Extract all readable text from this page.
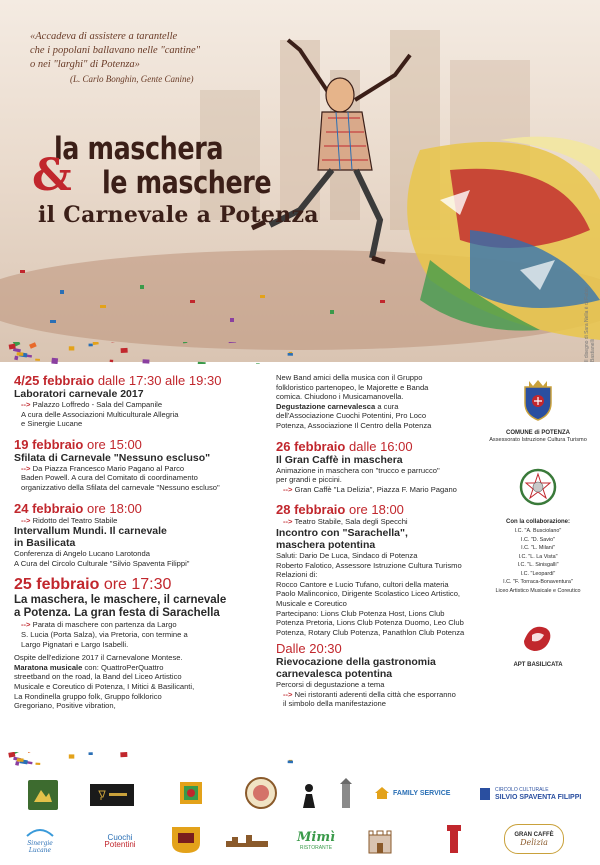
«Accadeva di assistere a tarantelle
che i popolani ballavano nelle "cantine"
o nei "larghi" di Potenza»
(L. Carlo Bonghin, Gente Canine)
la maschera
& le maschere
il Carnevale a Potenza
Il disegno di Sara Nella è di Fabio Bastianelli
4/25 febbraio dalle 17:30 alle 19:30
Laboratori carnevale 2017
--> Palazzo Loffredo - Sala del Campanile
A cura delle Associazioni Multiculturale Allegria
e Sinergie Lucane
19 febbraio ore 15:00
Sfilata di Carnevale "Nessuno escluso"
--> Da Piazza Francesco Mario Pagano al Parco
Baden Powell. A cura del Comitato di coordinamento
organizzativo della Sfilata del carnevale "Nessuno escluso"
24 febbraio ore 18:00
--> Ridotto del Teatro Stabile
Intervallum Mundi. Il carnevale
in Basilicata
Conferenza di Angelo Lucano Larotonda
A Cura del Circolo Culturale "Silvio Spaventa Filippi"
25 febbraio ore 17:30
La maschera, le maschere, il carnevale
a Potenza. La gran festa di Sarachella
--> Parata di maschere con partenza da Largo
S. Lucia (Porta Salza), via Pretoria, con termine a
Largo Pignatari e Largo Isabelli.
Ospite dell'edizione 2017 il Carnevalone Montese.
Maratona musicale con: QuattroPerQuattro
streetband on the road, la Band del Liceo Artistico
Musicale e Coreutico di Potenza, I Mitici & Basilicanti,
La Rondinella gruppo folk, Gruppo folklorico
Gregoriano, Positive vibration,
New Band amici della musica con il Gruppo
folkloristico partenopeo, le Majorette e Banda
comica. Chiudono i Musicamanovella.
Degustazione carnevalesca a cura
dell'Associazione Cuochi Potentini, Pro Loco
Potenza, Associazione Il Centro della Potenza
26 febbraio dalle 16:00
Il Gran Caffè in maschera
Animazione in maschera con "trucco e parrucco"
per grandi e piccini.
--> Gran Caffè "La Delizia", Piazza F. Mario Pagano
28 febbraio ore 18:00
--> Teatro Stabile, Sala degli Specchi
Incontro con "Sarachella",
maschera potentina
Saluti: Dario De Luca, Sindaco di Potenza
Roberto Falotico, Assessore Istruzione Cultura Turismo
Relazioni di:
Rocco Cantore e Lucio Tufano, cultori della materia
Paolo Malinconico, Dirigente Scolastico Liceo Artistico,
Musicale e Coreutico
Partecipano: Lions Club Potenza Host, Lions Club
Potenza Pretoria, Lions Club Potenza Duomo, Leo Club
Potenza, Rotary Club Potenza, Panathlon Club Potenza
Dalle 20:30
Rievocazione della gastronomia
carnevalesca potentina
Percorsi di degustazione a tema
--> Nei ristoranti aderenti della città che esporranno
il simbolo della manifestazione
COMUNE di POTENZA
Assessorato Istruzione Cultura Turismo
Con la collaborazione:
I.C. "A. Busciolano"
I.C. "D. Savio"
I.C. "L. Milani"
I.C. "L. La Vista"
I.C. "L. Sinisgalli"
I.C. "Leopardi"
I.C. "F. Torraca-Bonaventura"
Liceo Artistico Musicale e Coreutico
APT BASILICATA
FAMILY SERVICE	CIRCOLO CULTURALE
SILVIO SPAVENTA FILIPPI
Sinergie Lucane
Cuochi
Potentini	Mimì
RISTORANTE
GRAN CAFFÈ
Delizia
